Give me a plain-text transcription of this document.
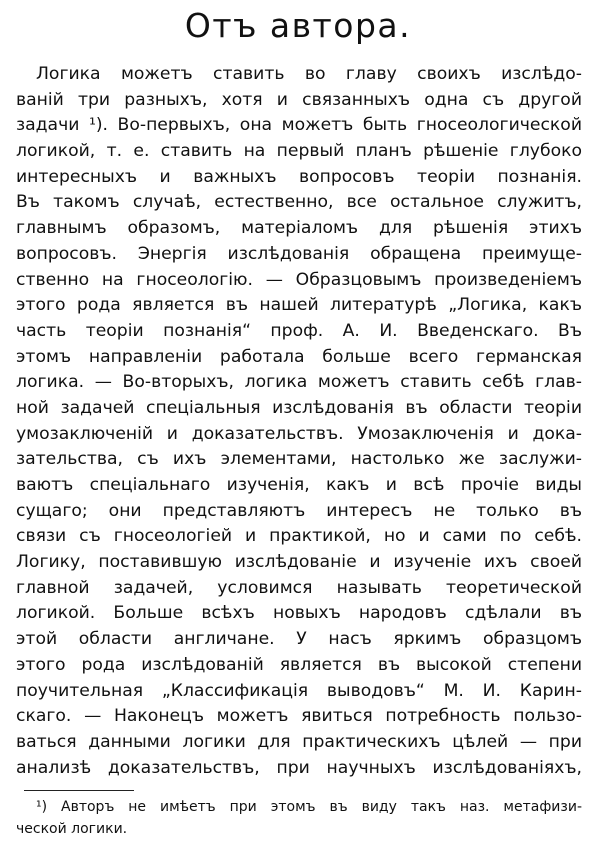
Отъ автора.
Логика можетъ ставить во главу своихъ изслѣдо-
ваній три разныхъ, хотя и связанныхъ одна съ другой
задачи ¹). Во-первыхъ, она можетъ быть гносеологической
логикой, т. е. ставить на первый планъ рѣшеніе глубоко
интересныхъ и важныхъ вопросовъ теоріи познанія.
Въ такомъ случаѣ, естественно, все остальное служитъ,
главнымъ образомъ, матеріаломъ для рѣшенія этихъ
вопросовъ. Энергія изслѣдованія обращена преимуще-
ственно на гносеологію. — Образцовымъ произведеніемъ
этого рода является въ нашей литературѣ „Логика, какъ
часть теоріи познанія“ проф. А. И. Введенскаго. Въ
этомъ направленіи работала больше всего германская
логика. — Во-вторыхъ, логика можетъ ставить себѣ глав-
ной задачей спеціальныя изслѣдованія въ области теоріи
умозаключеній и доказательствъ. Умозаключенія и дока-
зательства, съ ихъ элементами, настолько же заслужи-
ваютъ спеціальнаго изученія, какъ и всѣ прочіе виды
сущаго; они представляютъ интересъ не только въ
связи съ гносеологіей и практикой, но и сами по себѣ.
Логику, поставившую изслѣдованіе и изученіе ихъ своей
главной задачей, условимся называть теоретической
логикой. Больше всѣхъ новыхъ народовъ сдѣлали въ
этой области англичане. У насъ яркимъ образцомъ
этого рода изслѣдованій является въ высокой степени
поучительная „Классификація выводовъ“ М. И. Карин-
скаго. — Наконецъ можетъ явиться потребность пользо-
ваться данными логики для практическихъ цѣлей — при
анализѣ доказательствъ, при научныхъ изслѣдованіяхъ,
¹) Авторъ не имѣетъ при этомъ въ виду такъ наз. метафизи-
ческой логики.
